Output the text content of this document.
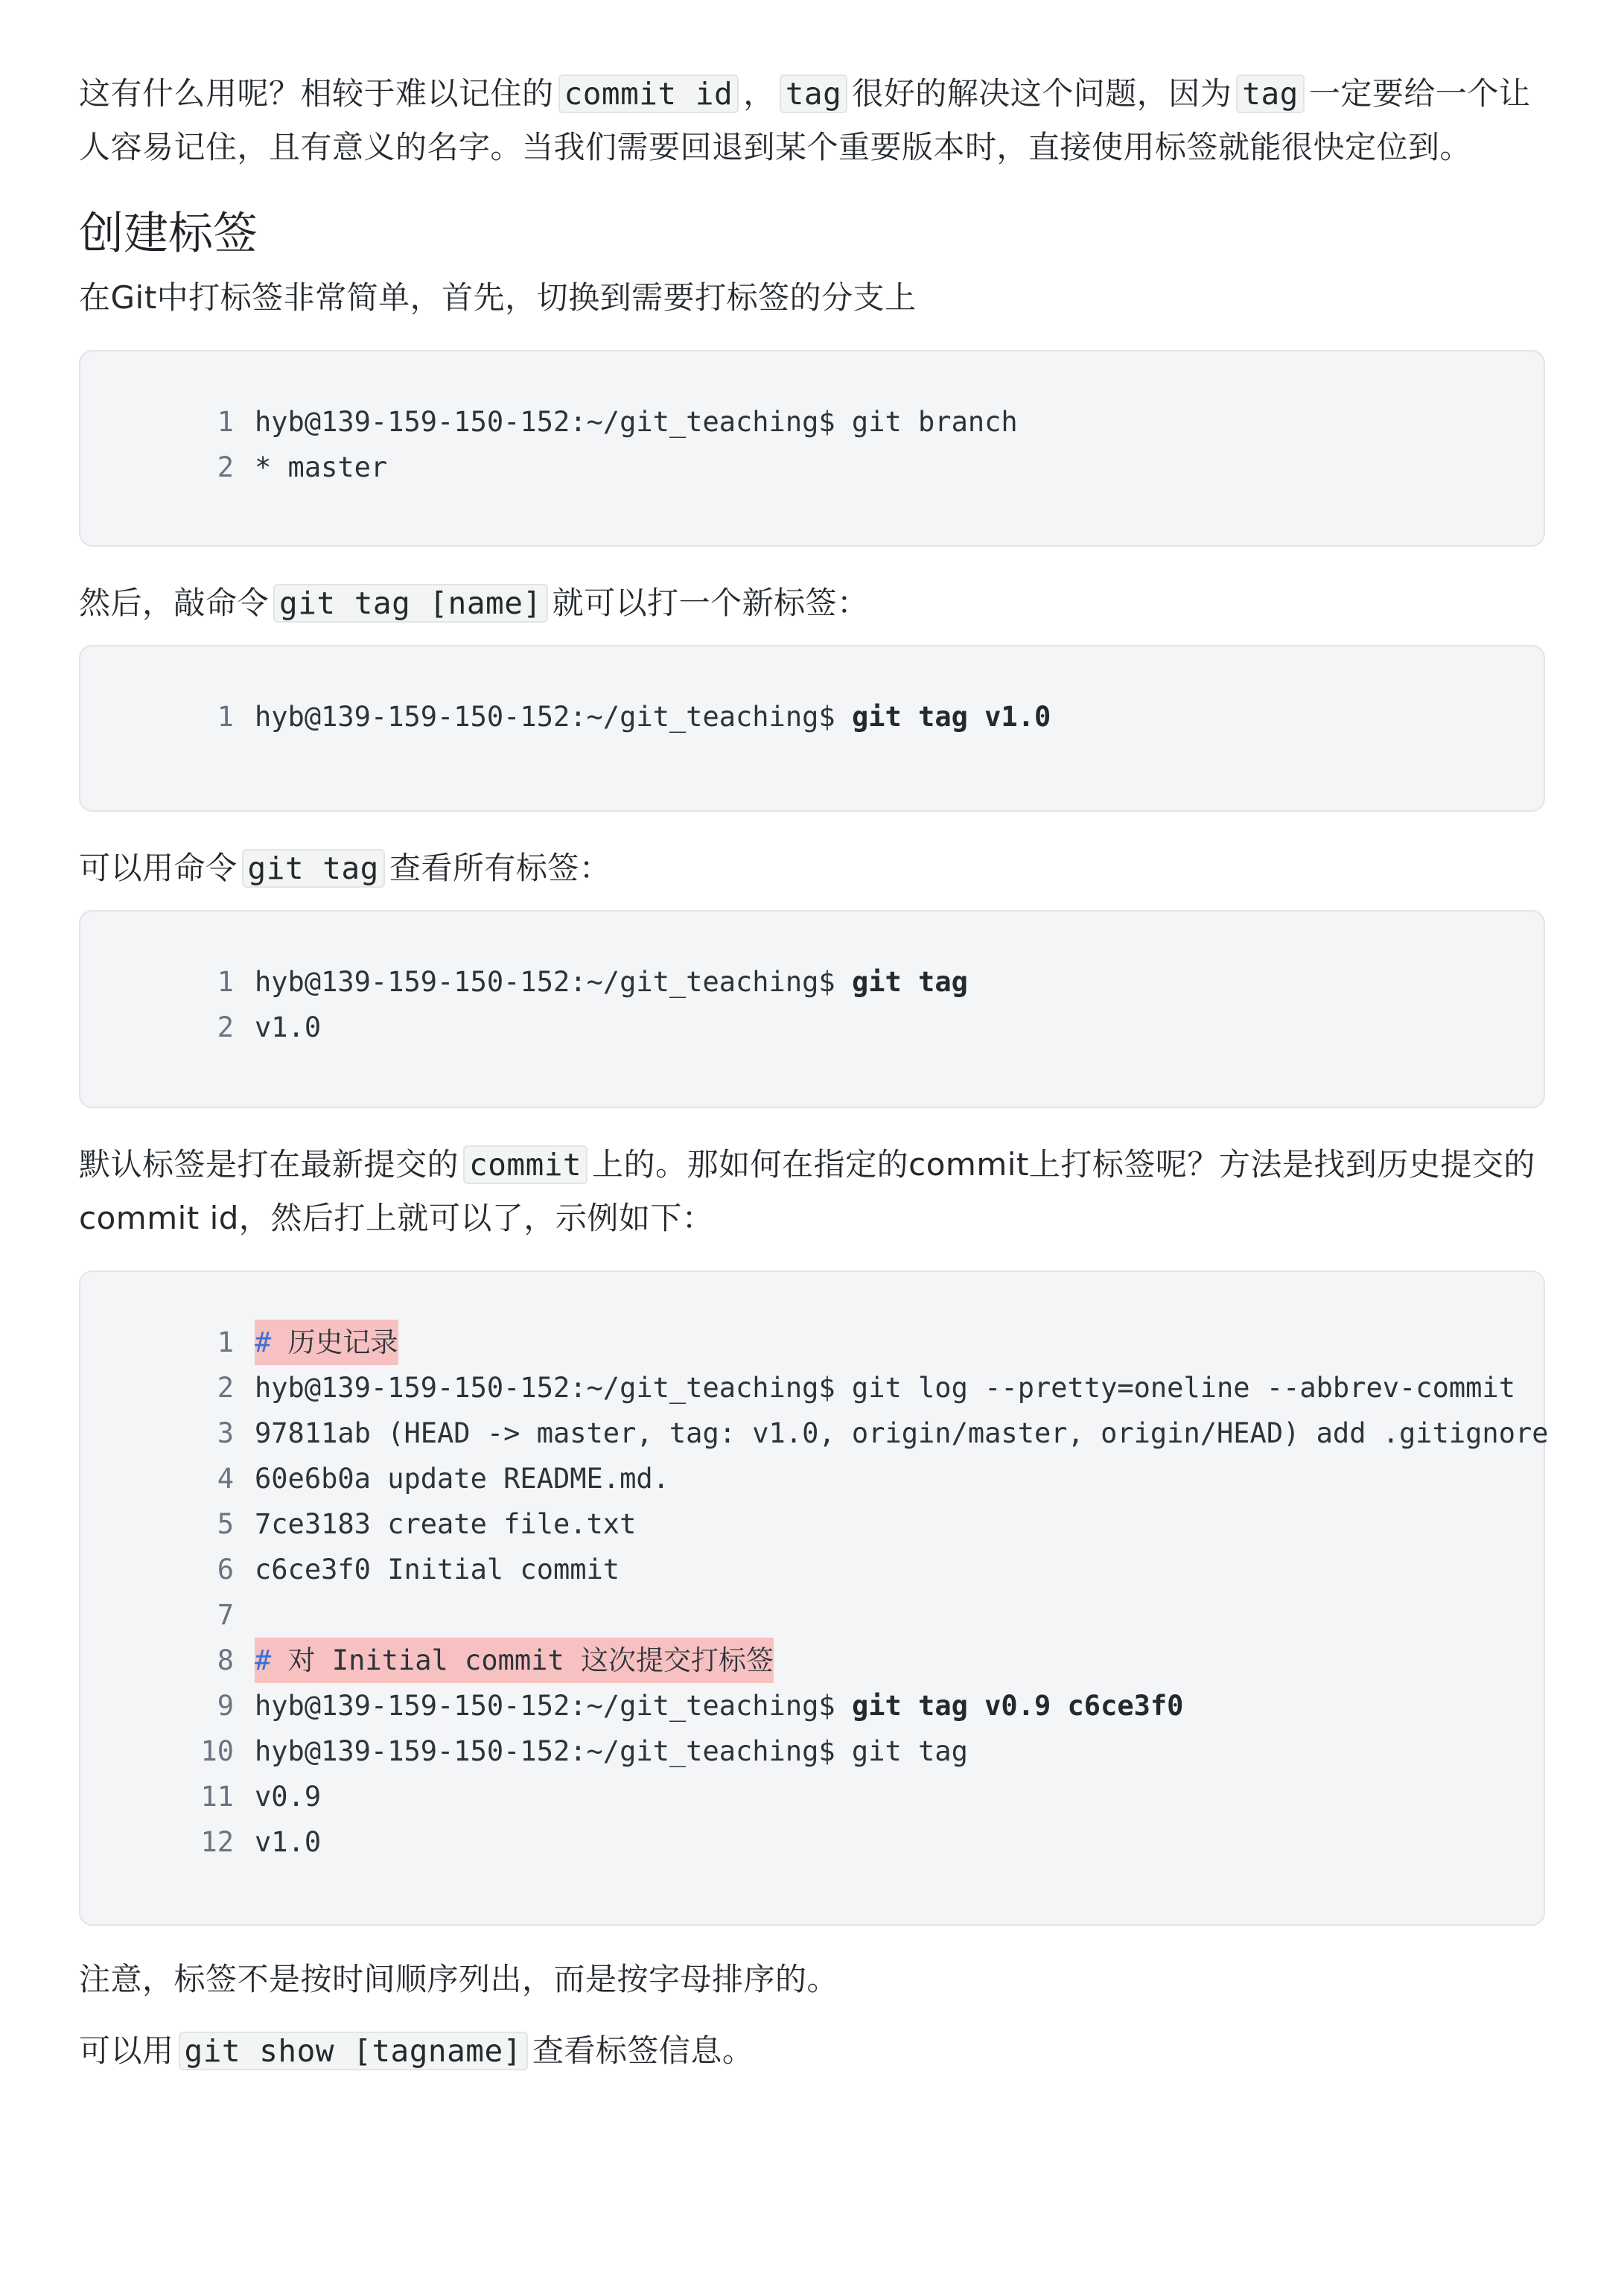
这有什么用呢？相较于难以记住的 commit id ， tag 很好的解决这个问题，因为 tag 一定要给一个让人容易记住，且有意义的名字。当我们需要回退到某个重要版本时，直接使用标签就能很快定位到。

创建标签

在Git中打标签非常简单，首先，切换到需要打标签的分支上

1 hyb@139-159-150-152:~/git_teaching$ git branch
2 * master

然后，敲命令 git tag [name] 就可以打一个新标签：

1 hyb@139-159-150-152:~/git_teaching$ git tag v1.0

可以用命令 git tag 查看所有标签：

1 hyb@139-159-150-152:~/git_teaching$ git tag
2 v1.0

默认标签是打在最新提交的 commit 上的。那如何在指定的commit上打标签呢？方法是找到历史提交的commit id，然后打上就可以了，示例如下：

1 # 历史记录
2 hyb@139-159-150-152:~/git_teaching$ git log --pretty=oneline --abbrev-commit
3 97811ab (HEAD -> master, tag: v1.0, origin/master, origin/HEAD) add .gitignore
4 60e6b0a update README.md.
5 7ce3183 create file.txt
6 c6ce3f0 Initial commit
7
8 # 对 Initial commit 这次提交打标签
9 hyb@139-159-150-152:~/git_teaching$ git tag v0.9 c6ce3f0
10 hyb@139-159-150-152:~/git_teaching$ git tag
11 v0.9
12 v1.0

注意，标签不是按时间顺序列出，而是按字母排序的。

可以用 git show [tagname] 查看标签信息。
